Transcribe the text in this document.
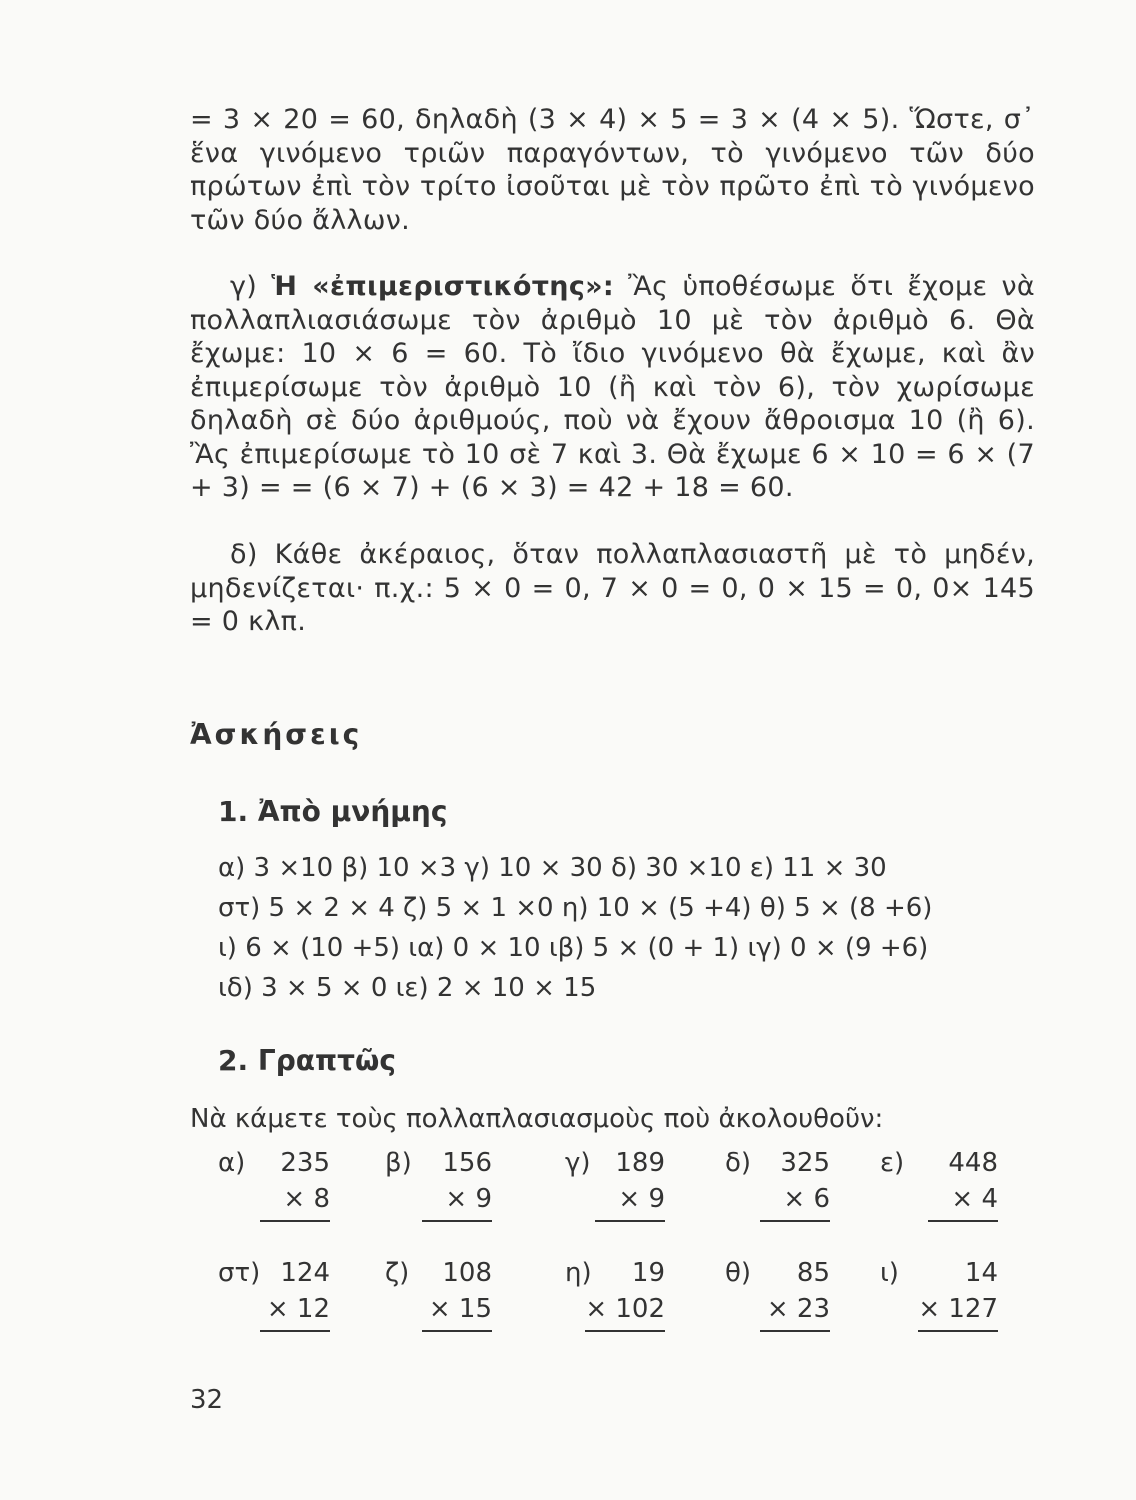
= 3 × 20 = 60, δηλαδὴ (3 × 4) × 5 = 3 × (4 × 5). Ὥστε, σ᾿ ἕνα γινόμενο τριῶν παραγόντων, τὸ γινόμενο τῶν δύο πρώτων ἐπὶ τὸν τρίτο ἰσοῦται μὲ τὸν πρῶτο ἐπὶ τὸ γινόμενο τῶν δύο ἄλλων.

γ) Ἡ «ἐπιμεριστικότης»: Ἂς ὑποθέσωμε ὅτι ἔχομε νὰ πολλαπλιασιάσωμε τὸν ἀριθμὸ 10 μὲ τὸν ἀριθμὸ 6. Θὰ ἔχωμε: 10 × 6 = 60. Τὸ ἴδιο γινόμενο θὰ ἔχωμε, καὶ ἂν ἐπιμερίσωμε τὸν ἀριθμὸ 10 (ἢ καὶ τὸν 6), τὸν χωρίσωμε δηλαδὴ σὲ δύο ἀριθμούς, ποὺ νὰ ἔχουν ἄθροισμα 10 (ἢ 6). Ἂς ἐπιμερίσωμε τὸ 10 σὲ 7 καὶ 3. Θὰ ἔχωμε 6 × 10 = 6 × (7 + 3) = = (6 × 7) + (6 × 3) = 42 + 18 = 60.

δ) Κάθε ἀκέραιος, ὅταν πολλαπλασιαστῆ μὲ τὸ μηδέν, μηδενίζεται· π.χ.: 5 × 0 = 0, 7 × 0 = 0, 0 × 15 = 0, 0× 145 = 0 κλπ.

Ἀσκήσεις

1. Ἀπὸ μνήμης

α) 3 ×10 β) 10 ×3 γ) 10 × 30 δ) 30 ×10 ε) 11 × 30

στ) 5 × 2 × 4 ζ) 5 × 1 ×0 η) 10 × (5 +4) θ) 5 × (8 +6)

ι) 6 × (10 +5) ια) 0 × 10 ιβ) 5 × (0 + 1) ιγ) 0 × (9 +6)

ιδ) 3 × 5 × 0 ιε) 2 × 10 × 15

2. Γραπτῶς

Νὰ κάμετε τοὺς πολλαπλασιασμοὺς ποὺ ἀκολουθοῦν:

α) 235
× 8
β) 156
× 9
γ) 189
× 9
δ) 325
× 6
ε) 448
× 4
στ) 124
× 12
ζ) 108
× 15
η) 19
× 102
θ) 85
× 23
ι)	14
× 127

32
